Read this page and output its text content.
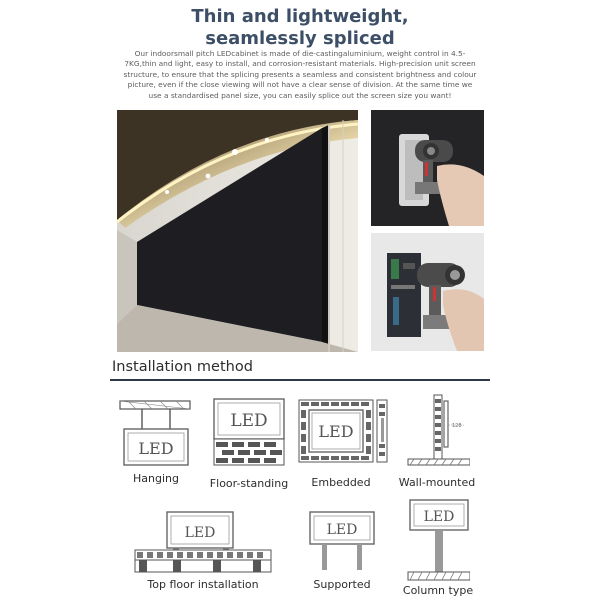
Thin and lightweight,
seamlessly spliced
Our indoorsmall pitch LEDcabinet is made of die-castingaluminium, weight control in 4.5-7KG,thin and light, easy to install, and corrosion-resistant materials. High-precision unit screen structure, to ensure that the splicing presents a seamless and consistent brightness and colour picture, even if the close viewing will not have a clear sense of division. At the same time we use a standardised panel size, you can easily splice out the screen size you want!
Installation method
LED
Hanging
LED
Floor-standing
LED
Embedded
128
Wall-mounted
LED
Top floor installation
LED
Supported
LED
Column type
